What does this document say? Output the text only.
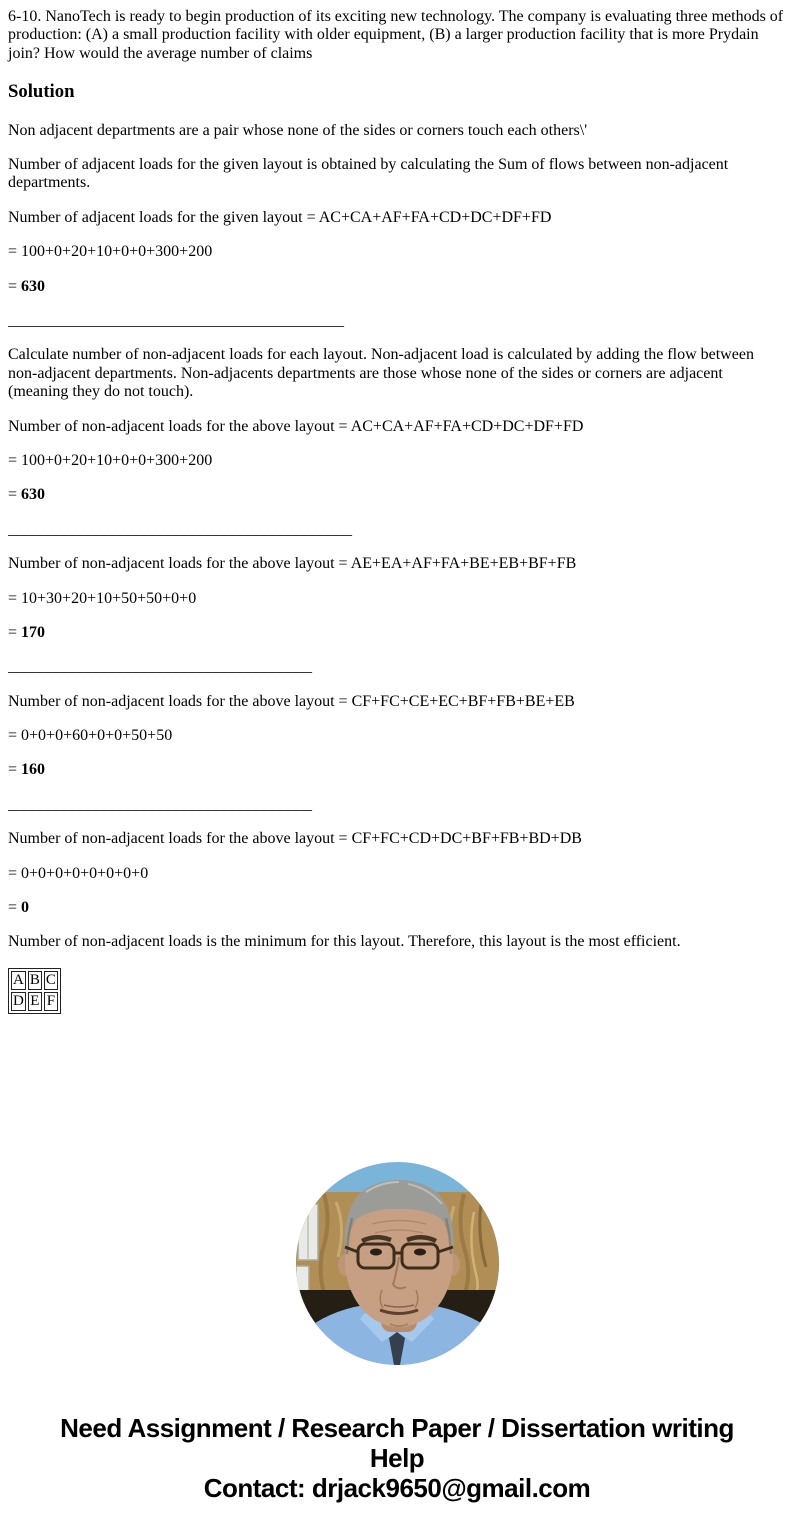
6-10. NanoTech is ready to begin production of its exciting new technology. The company is evaluating three methods of production: (A) a small production facility with older equipment, (B) a larger production facility that is more Prydain join? How would the average number of claims

Solution

Non adjacent departments are a pair whose none of the sides or corners touch each others\'

Number of adjacent loads for the given layout is obtained by calculating the Sum of flows between non-adjacent departments.

Number of adjacent loads for the given layout = AC+CA+AF+FA+CD+DC+DF+FD

= 100+0+20+10+0+0+300+200

= 630

__________________________________________

Calculate number of non-adjacent loads for each layout. Non-adjacent load is calculated by adding the flow between non-adjacent departments. Non-adjacents departments are those whose none of the sides or corners are adjacent (meaning they do not touch).

Number of non-adjacent loads for the above layout = AC+CA+AF+FA+CD+DC+DF+FD

= 100+0+20+10+0+0+300+200

= 630

___________________________________________

Number of non-adjacent loads for the above layout = AE+EA+AF+FA+BE+EB+BF+FB

= 10+30+20+10+50+50+0+0

= 170

______________________________________

Number of non-adjacent loads for the above layout = CF+FC+CE+EC+BF+FB+BE+EB

= 0+0+0+60+0+0+50+50

= 160

______________________________________

Number of non-adjacent loads for the above layout = CF+FC+CD+DC+BF+FB+BD+DB

= 0+0+0+0+0+0+0+0

= 0

Number of non-adjacent loads is the minimum for this layout. Therefore, this layout is the most efficient.

A	B	C
D	E	F
Need Assignment / Research Paper / Dissertation writing Help
Contact: drjack9650@gmail.com
